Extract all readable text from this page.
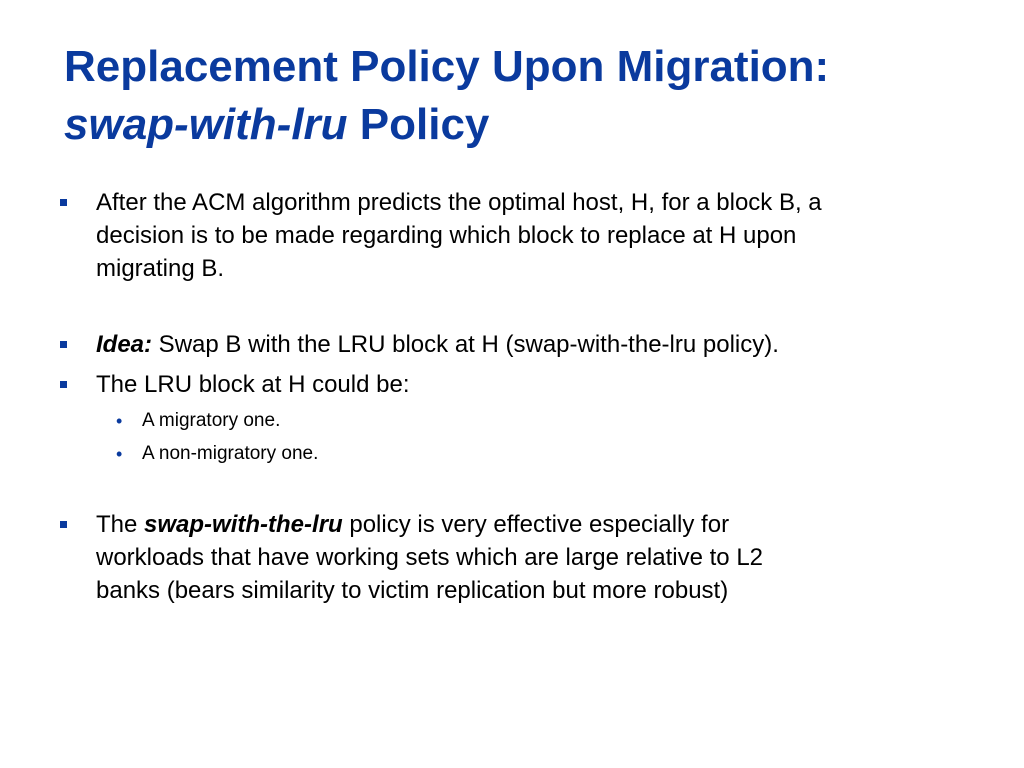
Replacement Policy Upon Migration:
swap-with-lru Policy
After the ACM algorithm predicts the optimal host, H, for a block B, a
decision is to be made regarding which block to replace at H upon
migrating B.
Idea: Swap B with the LRU block at H (swap-with-the-lru policy).
The LRU block at H could be:
• A migratory one.
• A non-migratory one.
The swap-with-the-lru policy is very effective especially for
workloads that have working sets which are large relative to L2
banks (bears similarity to victim replication but more robust)
